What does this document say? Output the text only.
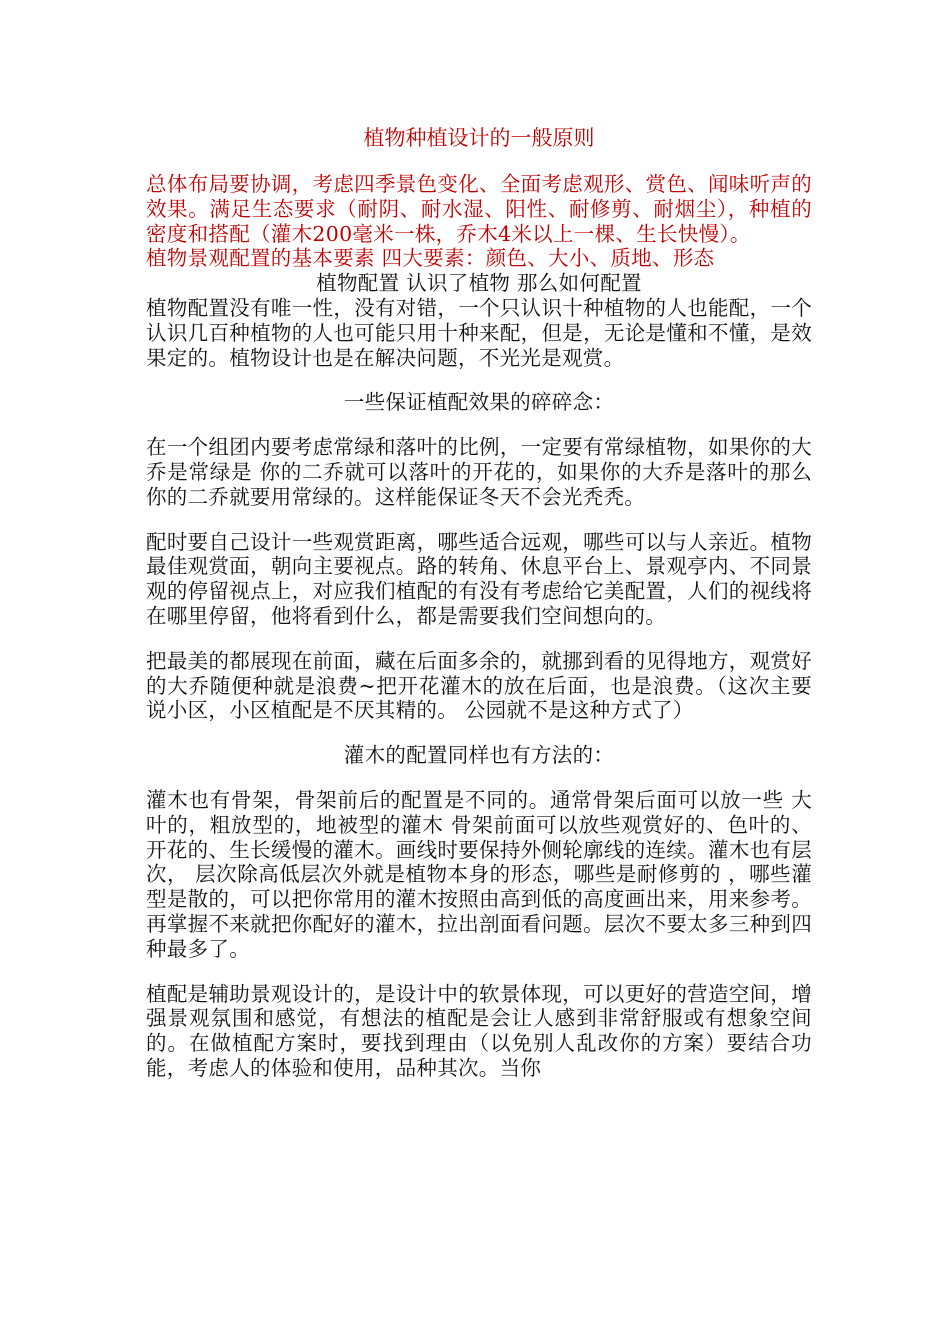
植物种植设计的一般原则

总体布局要协调，考虑四季景色变化、全面考虑观形、赏色、闻味听声的效果。满足生态要求（耐阴、耐水湿、阳性、耐修剪、耐烟尘），种植的密度和搭配（灌木200毫米一株，乔木4米以上一棵、生长快慢）。

植物景观配置的基本要素 四大要素：颜色、大小、质地、形态

植物配置 认识了植物 那么如何配置

植物配置没有唯一性，没有对错，一个只认识十种植物的人也能配，一个认识几百种植物的人也可能只用十种来配，但是，无论是懂和不懂，是效果定的。植物设计也是在解决问题，不光光是观赏。

一些保证植配效果的碎碎念：

在一个组团内要考虑常绿和落叶的比例，一定要有常绿植物，如果你的大乔是常绿是 你的二乔就可以落叶的开花的，如果你的大乔是落叶的那么你的二乔就要用常绿的。这样能保证冬天不会光秃秃。

配时要自己设计一些观赏距离，哪些适合远观，哪些可以与人亲近。植物最佳观赏面，朝向主要视点。路的转角、休息平台上、景观亭内、不同景观的停留视点上，对应我们植配的有没有考虑给它美配置，人们的视线将在哪里停留，他将看到什么，都是需要我们空间想向的。

把最美的都展现在前面，藏在后面多余的，就挪到看的见得地方，观赏好的大乔随便种就是浪费~把开花灌木的放在后面，也是浪费。（这次主要说小区，小区植配是不厌其精的。 公园就不是这种方式了）

灌木的配置同样也有方法的：

灌木也有骨架，骨架前后的配置是不同的。通常骨架后面可以放一些 大叶的，粗放型的，地被型的灌木 骨架前面可以放些观赏好的、色叶的、开花的、生长缓慢的灌木。画线时要保持外侧轮廓线的连续。灌木也有层次， 层次除高低层次外就是植物本身的形态，哪些是耐修剪的 ，哪些灌型是散的，可以把你常用的灌木按照由高到低的高度画出来，用来参考。再掌握不来就把你配好的灌木，拉出剖面看问题。层次不要太多三种到四种最多了。

植配是辅助景观设计的，是设计中的软景体现，可以更好的营造空间，增强景观氛围和感觉，有想法的植配是会让人感到非常舒服或有想象空间的。在做植配方案时，要找到理由（以免别人乱改你的方案）要结合功能，考虑人的体验和使用，品种其次。当你
